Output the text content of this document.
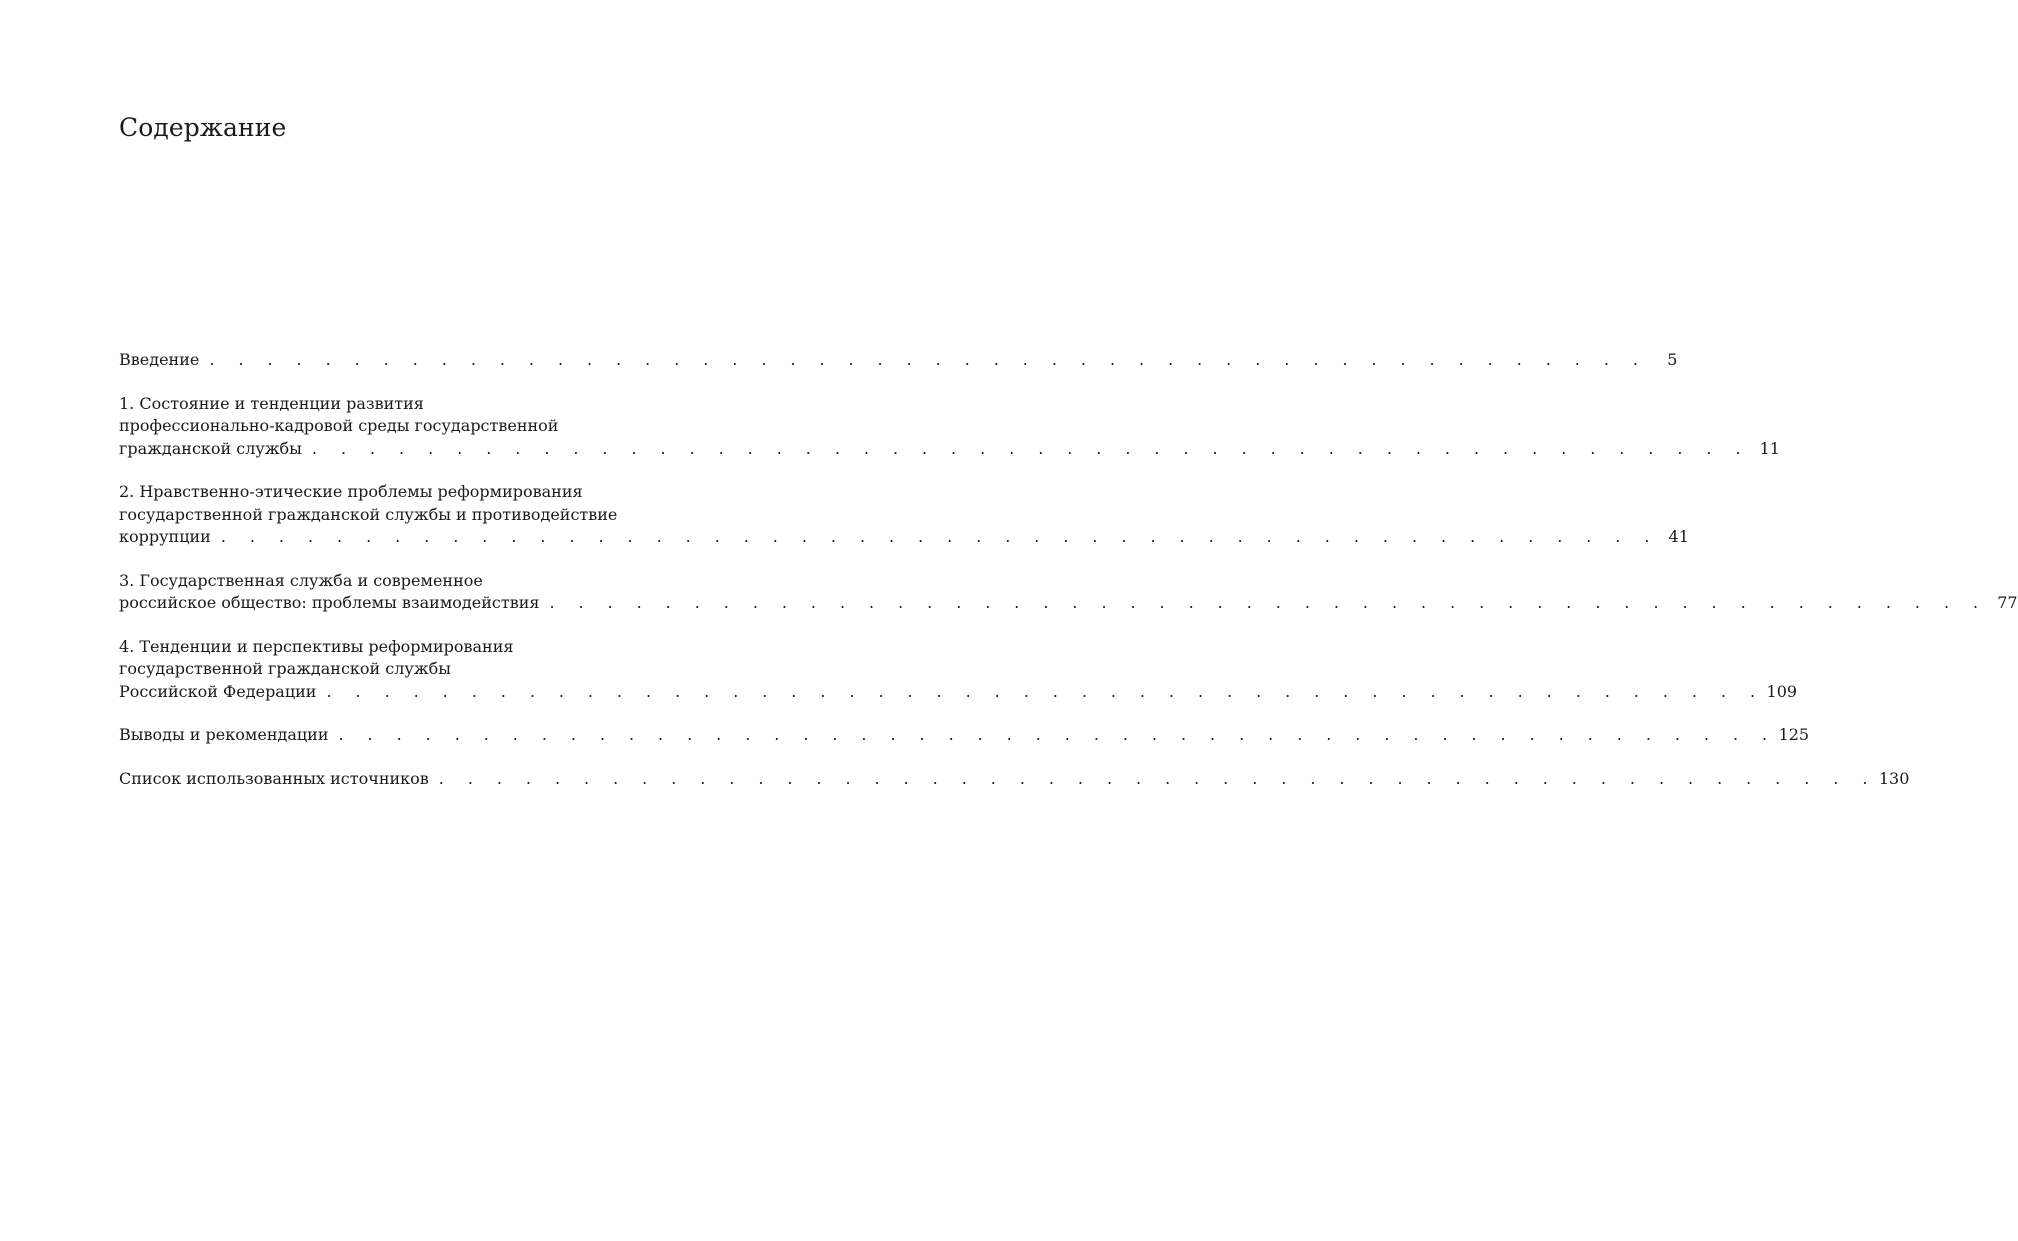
Содержание
Введение . . . . . . . . . . . . . . . . . . . . . . . . . . . . . . . . . . . . . . . . . . . . . . . . . .	5
1. Состояние и тенденции развития
профессионально-кадровой среды государственной
гражданской службы . . . . . . . . . . . . . . . . . . . . . . . . . . . . . . . . . . . . . . . . . . . . . . . . . . 11
2. Нравственно-этические проблемы реформирования
государственной гражданской службы и противодействие
коррупции . . . . . . . . . . . . . . . . . . . . . . . . . . . . . . . . . . . . . . . . . . . . . . . . . . 41
3. Государственная служба и современное
российское общество: проблемы взаимодействия . . . . . . . . . . . . . . . . . . . . . . . . . . . . . . . . . . . . . . . . . . . . . . . . . . 77
4. Тенденции и перспективы реформирования
государственной гражданской службы
Российской Федерации . . . . . . . . . . . . . . . . . . . . . . . . . . . . . . . . . . . . . . . . . . . . . . . . . . 109
Выводы и рекомендации . . . . . . . . . . . . . . . . . . . . . . . . . . . . . . . . . . . . . . . . . . . . . . . . . . 125
Список использованных источников . . . . . . . . . . . . . . . . . . . . . . . . . . . . . . . . . . . . . . . . . . . . . . . . . . 130
